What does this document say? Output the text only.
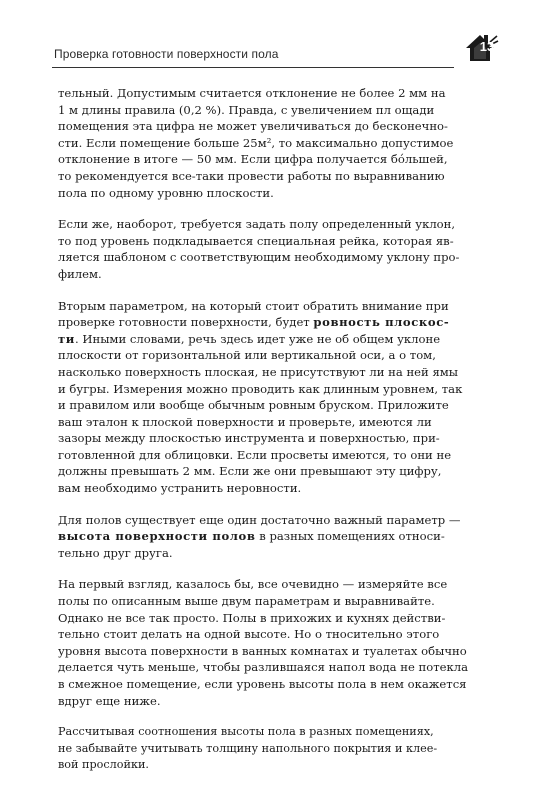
Проверка готовности поверхности пола	13
тельный. Допустимым считается отклонение не более 2 мм на
1 м длины правила (0,2 %). Правда, с увеличением пл ощади
помещения эта цифра не может увеличиваться до бесконечно-
сти. Если помещение больше 25м², то максимально допустимое
отклонение в итоге — 50 мм. Если цифра получается бóльшей,
то рекомендуется все-таки провести работы по выравниванию
пола по одному уровню плоскости.
Если же, наоборот, требуется задать полу определенный уклон,
то под уровень подкладывается специальная рейка, которая яв-
ляется шаблоном с соответствующим необходимому уклону про-
филем.
Вторым параметром, на который стоит обратить внимание при
проверке готовности поверхности, будет ровность плоскос-
ти. Иными словами, речь здесь идет уже не об общем уклоне
плоскости от горизонтальной или вертикальной оси, а о том,
насколько поверхность плоская, не присутствуют ли на ней ямы
и бугры. Измерения можно проводить как длинным уровнем, так
и правилом или вообще обычным ровным бруском. Приложите
ваш эталон к плоской поверхности и проверьте, имеются ли
зазоры между плоскостью инструмента и поверхностью, при-
готовленной для облицовки. Если просветы имеются, то они не
должны превышать 2 мм. Если же они превышают эту цифру,
вам необходимо устранить неровности.
Для полов существует еще один достаточно важный параметр —
высота поверхности полов в разных помещениях относи-
тельно друг друга.
На первый взгляд, казалось бы, все очевидно — измеряйте все
полы по описанным выше двум параметрам и выравнивайте.
Однако не все так просто. Полы в прихожих и кухнях действи-
тельно стоит делать на одной высоте. Но о тносительно этого
уровня высота поверхности в ванных комнатах и туалетах обычно
делается чуть меньше, чтобы разлившаяся напол вода не потекла
в смежное помещение, если уровень высоты пола в нем окажется
вдруг еще ниже.
Рассчитывая соотношения высоты пола в разных помещениях,
не забывайте учитывать толщину напольного покрытия и клее-
вой прослойки.
